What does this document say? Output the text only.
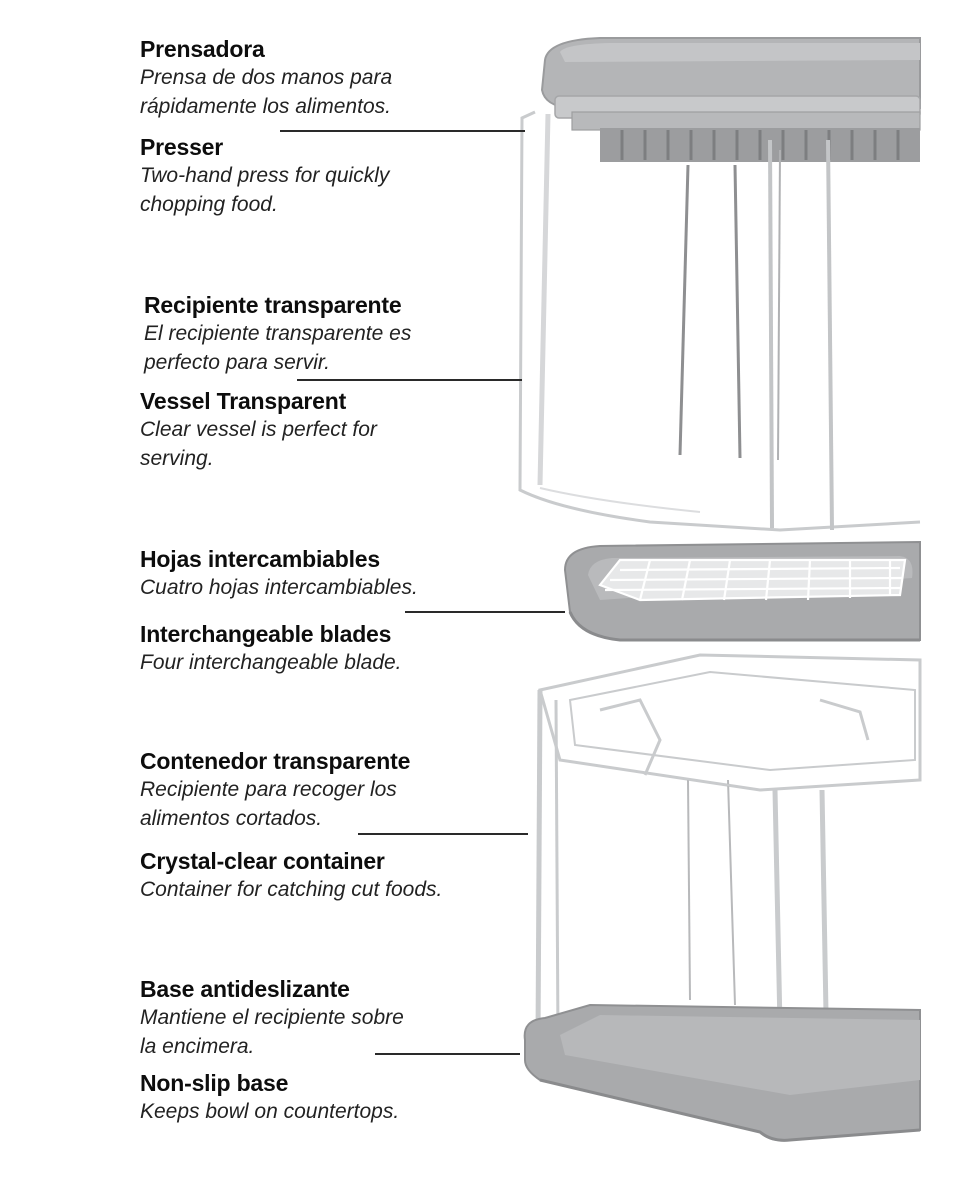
Prensadora
Prensa de dos manos para
rápidamente los alimentos.
Presser
Two-hand press for quickly
chopping food.
Recipiente transparente
El recipiente transparente es
perfecto para servir.
Vessel Transparent
Clear vessel is perfect for
serving.
Hojas intercambiables
Cuatro hojas intercambiables.
Interchangeable blades
Four interchangeable blade.
Contenedor transparente
Recipiente para recoger los
alimentos cortados.
Crystal-clear container
Container for catching cut foods.
Base antideslizante
Mantiene el recipiente sobre
la encimera.
Non-slip base
Keeps bowl on countertops.
